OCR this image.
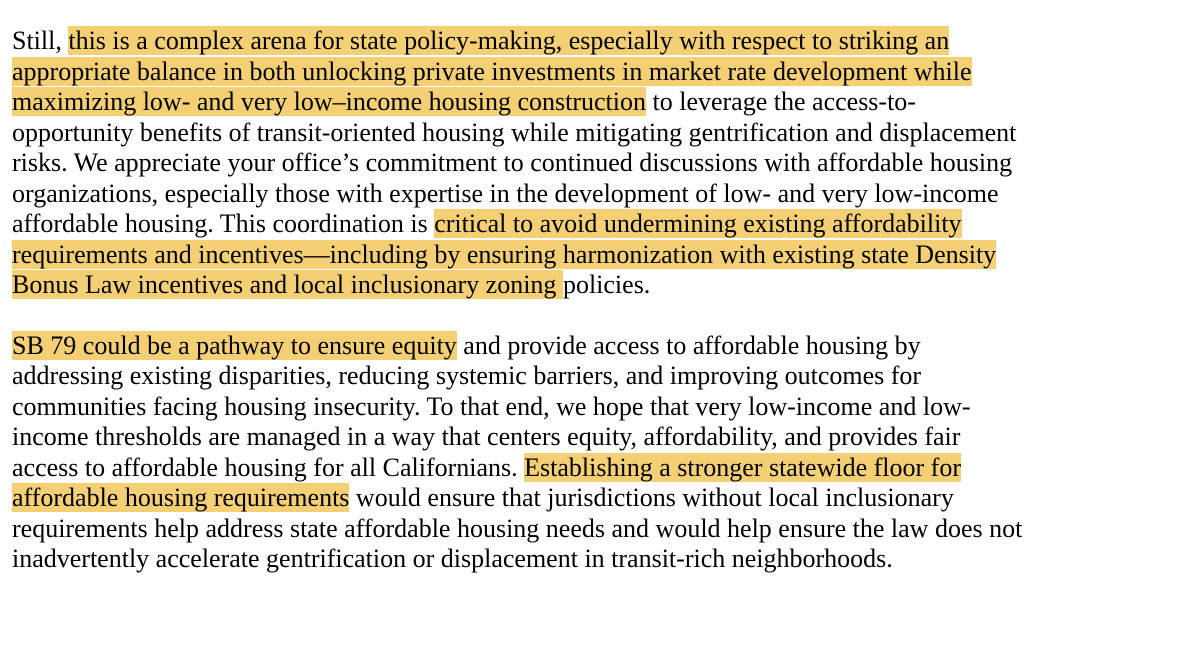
Still, this is a complex arena for state policy-making, especially with respect to striking an
appropriate balance in both unlocking private investments in market rate development while
maximizing low- and very low–income housing construction to leverage the access-to-
opportunity benefits of transit-oriented housing while mitigating gentrification and displacement
risks. We appreciate your office’s commitment to continued discussions with affordable housing
organizations, especially those with expertise in the development of low- and very low-income
affordable housing. This coordination is critical to avoid undermining existing affordability
requirements and incentives—including by ensuring harmonization with existing state Density
Bonus Law incentives and local inclusionary zoning policies.
SB 79 could be a pathway to ensure equity and provide access to affordable housing by
addressing existing disparities, reducing systemic barriers, and improving outcomes for
communities facing housing insecurity. To that end, we hope that very low-income and low-
income thresholds are managed in a way that centers equity, affordability, and provides fair
access to affordable housing for all Californians. Establishing a stronger statewide floor for
affordable housing requirements would ensure that jurisdictions without local inclusionary
requirements help address state affordable housing needs and would help ensure the law does not
inadvertently accelerate gentrification or displacement in transit-rich neighborhoods.
